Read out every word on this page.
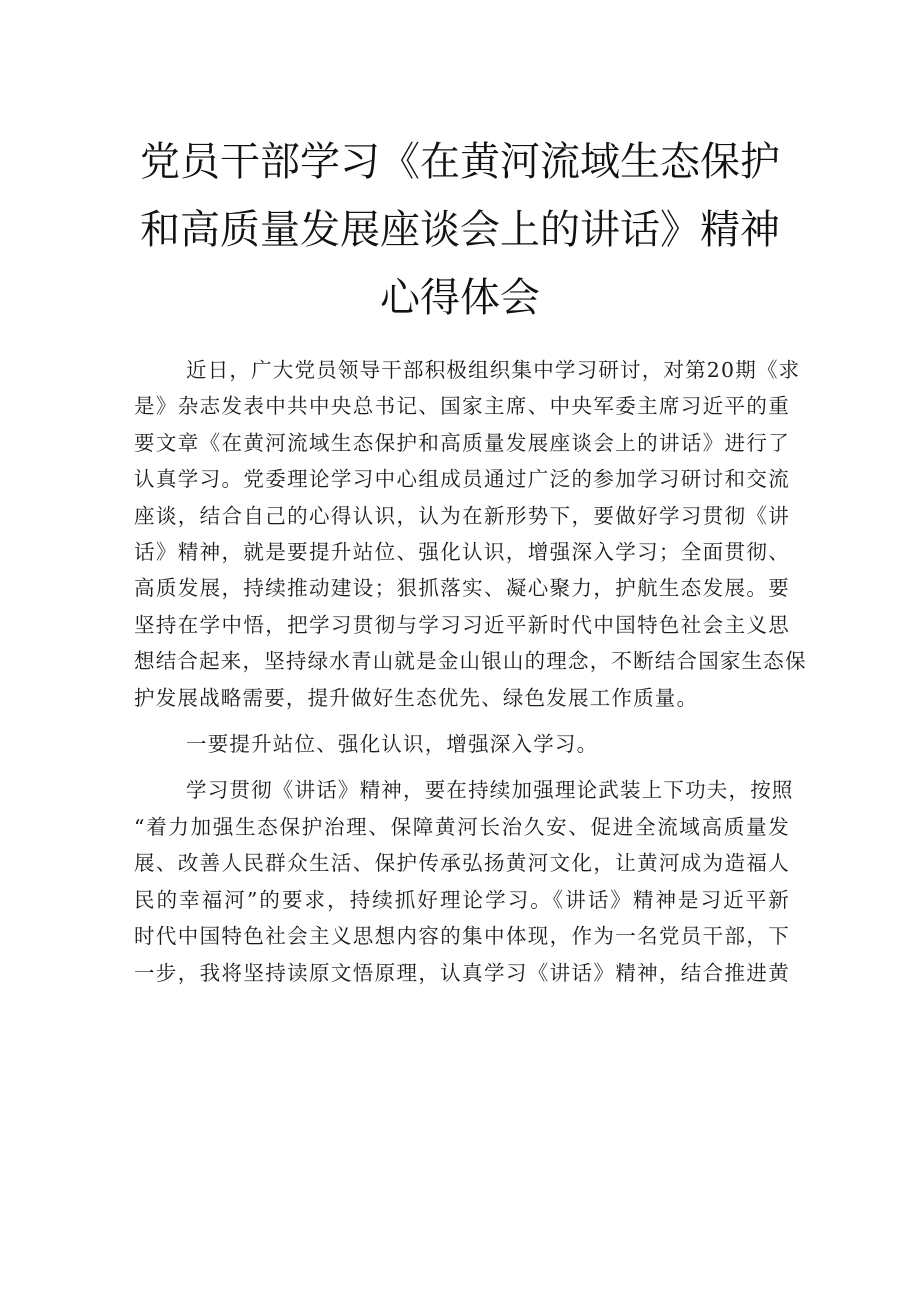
党员干部学习《在黄河流域生态保护
和高质量发展座谈会上的讲话》精神
心得体会

近日，广大党员领导干部积极组织集中学习研讨，对第20期《求
是》杂志发表中共中央总书记、国家主席、中央军委主席习近平的重
要文章《在黄河流域生态保护和高质量发展座谈会上的讲话》进行了
认真学习。党委理论学习中心组成员通过广泛的参加学习研讨和交流
座谈，结合自己的心得认识，认为在新形势下，要做好学习贯彻《讲
话》精神，就是要提升站位、强化认识，增强深入学习；全面贯彻、
高质发展，持续推动建设；狠抓落实、凝心聚力，护航生态发展。要
坚持在学中悟，把学习贯彻与学习习近平新时代中国特色社会主义思
想结合起来，坚持绿水青山就是金山银山的理念，不断结合国家生态保
护发展战略需要，提升做好生态优先、绿色发展工作质量。

一要提升站位、强化认识，增强深入学习。

学习贯彻《讲话》精神，要在持续加强理论武装上下功夫，按照
“着力加强生态保护治理、保障黄河长治久安、促进全流域高质量发
展、改善人民群众生活、保护传承弘扬黄河文化，让黄河成为造福人
民的幸福河”的要求，持续抓好理论学习。《讲话》精神是习近平新
时代中国特色社会主义思想内容的集中体现，作为一名党员干部，下
一步，我将坚持读原文悟原理，认真学习《讲话》精神，结合推进黄
